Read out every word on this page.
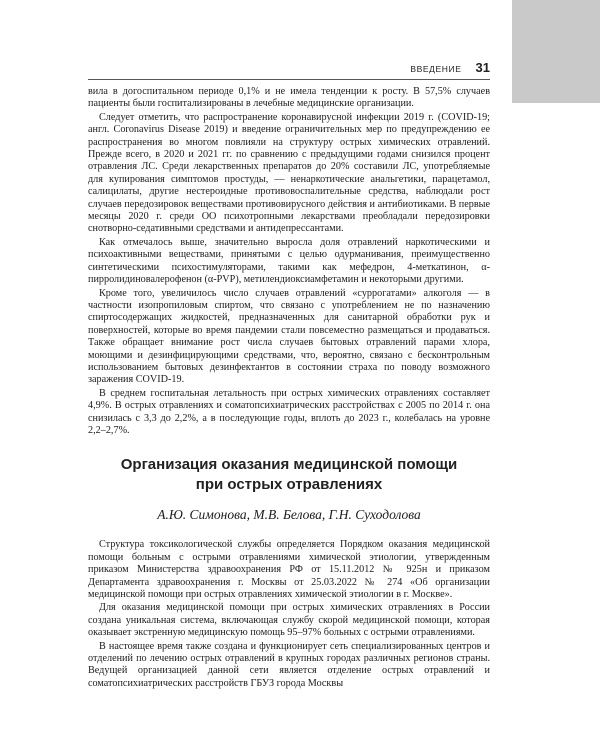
ВВЕДЕНИЕ 31

вила в догоспитальном периоде 0,1% и не имела тенденции к росту. В 57,5% случаев пациенты были госпитализированы в лечебные медицинские организации.

Следует отметить, что распространение коронавирусной инфекции 2019 г. (COVID-19; англ. Coronavirus Disease 2019) и введение ограничительных мер по предупреждению ее распространения во многом повлияли на структуру острых химических отравлений. Прежде всего, в 2020 и 2021 гг. по сравнению с предыдущими годами снизился процент отравления ЛС. Среди лекарственных препаратов до 20% составили ЛС, употребляемые для купирования симптомов простуды, — ненаркотические анальгетики, парацетамол, салицилаты, другие нестероидные противовоспалительные средства, наблюдали рост случаев передозировок веществами противовирусного действия и антибиотиками. В первые месяцы 2020 г. среди ОО психотропными лекарствами преобладали передозировки снотворно-седативными средствами и антидепрессантами.

Как отмечалось выше, значительно выросла доля отравлений наркотическими и психоактивными веществами, принятыми с целью одурманивания, преимущественно синтетическими психостимуляторами, такими как мефедрон, 4-меткатинон, α-пирролидиновалерофенон (α-PVP), метилендиоксиамфетамин и некоторыми другими.

Кроме того, увеличилось число случаев отравлений «суррогатами» алкоголя — в частности изопропиловым спиртом, что связано с употреблением не по назначению спиртосодержащих жидкостей, предназначенных для санитарной обработки рук и поверхностей, которые во время пандемии стали повсеместно размещаться и продаваться. Также обращает внимание рост числа случаев бытовых отравлений парами хлора, моющими и дезинфицирующими средствами, что, вероятно, связано с бесконтрольным использованием бытовых дезинфектантов в состоянии страха по поводу возможного заражения COVID-19.

В среднем госпитальная летальность при острых химических отравлениях составляет 4,9%. В острых отравлениях и соматопсихиатрических расстройствах с 2005 по 2014 г. она снизилась с 3,3 до 2,2%, а в последующие годы, вплоть до 2023 г., колебалась на уровне 2,2–2,7%.

Организация оказания медицинской помощи
при острых отравлениях
А.Ю. Симонова, М.В. Белова, Г.Н. Суходолова

Структура токсикологической службы определяется Порядком оказания медицинской помощи больным с острыми отравлениями химической этиологии, утвержденным приказом Министерства здравоохранения РФ от 15.11.2012 № 925н и приказом Департамента здравоохранения г. Москвы от 25.03.2022 № 274 «Об организации медицинской помощи при острых отравлениях химической этиологии в г. Москве».

Для оказания медицинской помощи при острых химических отравлениях в России создана уникальная система, включающая службу скорой медицинской помощи, которая оказывает экстренную медицинскую помощь 95–97% больных с острыми отравлениями.

В настоящее время также создана и функционирует сеть специализированных центров и отделений по лечению острых отравлений в крупных городах различных регионов страны. Ведущей организацией данной сети является отделение острых отравлений и соматопсихиатрических расстройств ГБУЗ города Москвы
